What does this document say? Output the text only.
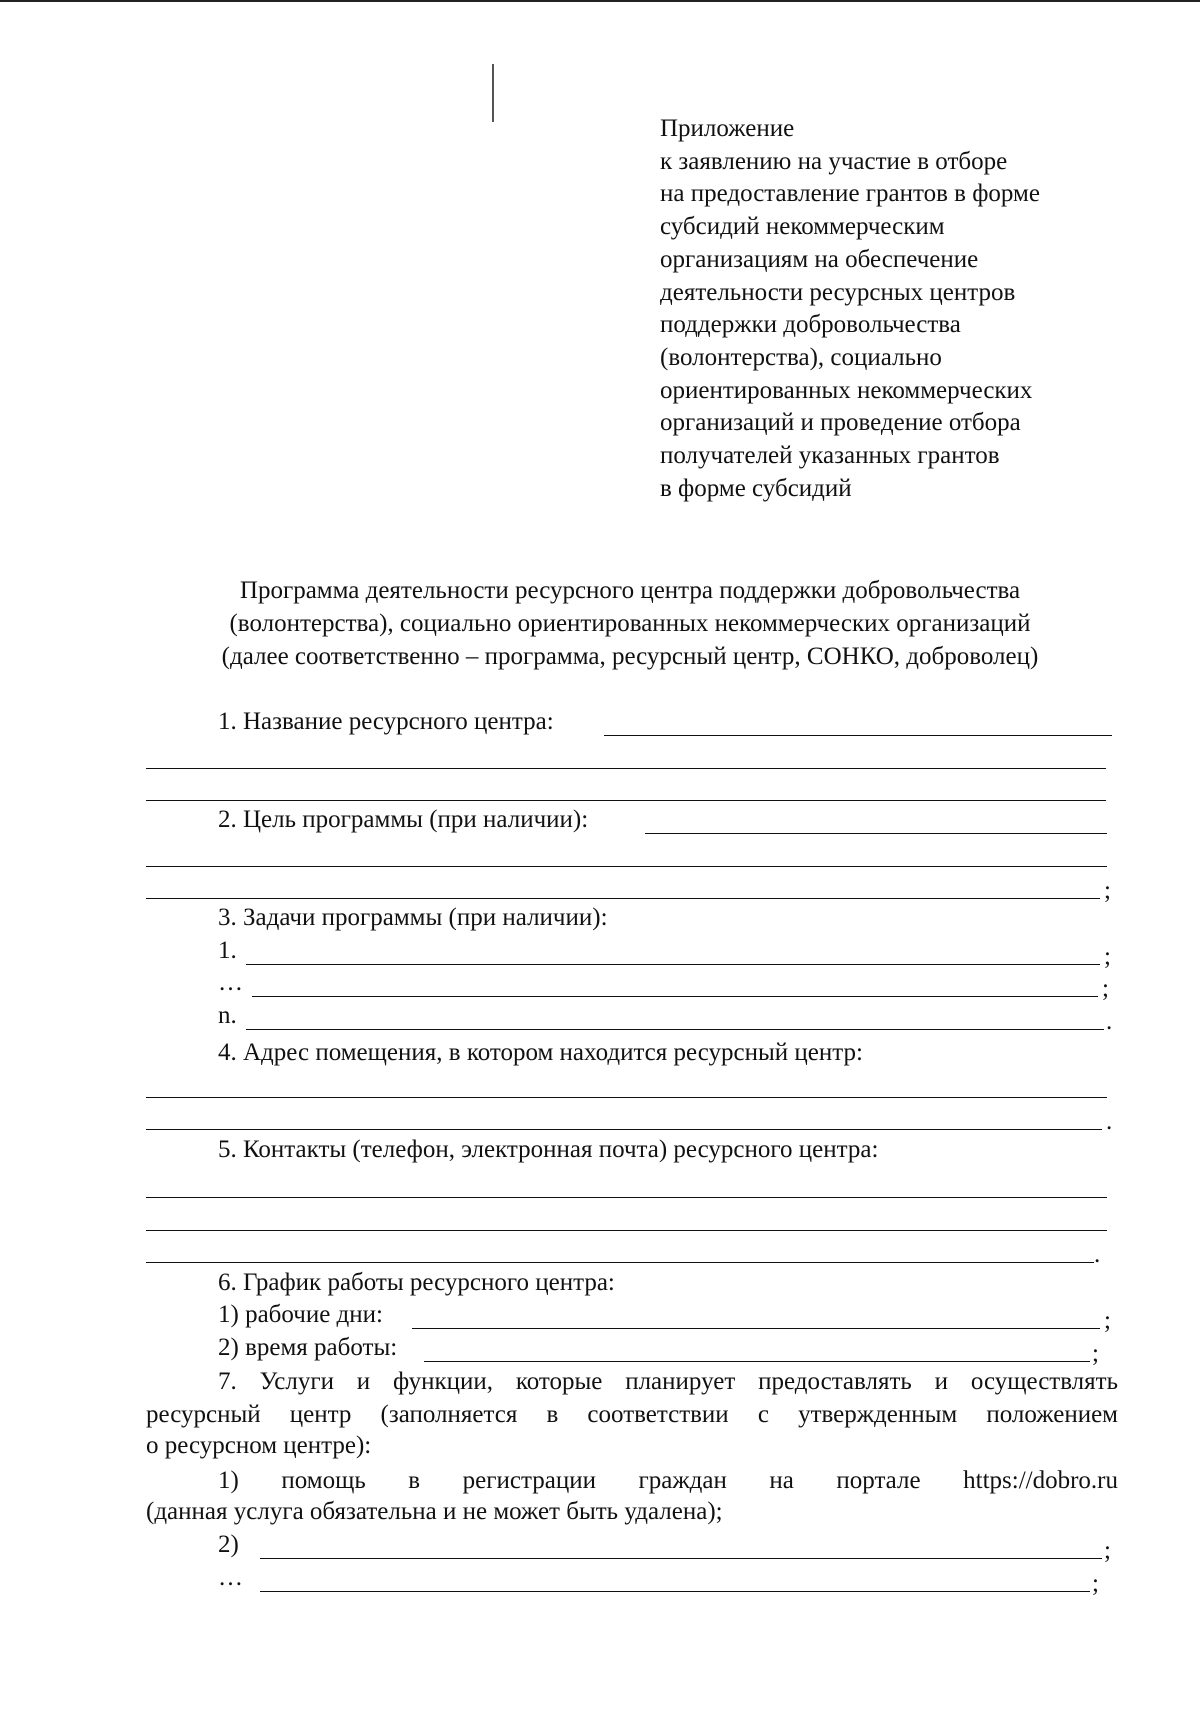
Приложение
к заявлению на участие в отборе
на предоставление грантов в форме
субсидий некоммерческим
организациям на обеспечение
деятельности ресурсных центров
поддержки добровольчества
(волонтерства), социально
ориентированных некоммерческих
организаций и проведение отбора
получателей указанных грантов
в форме субсидий
Программа деятельности ресурсного центра поддержки добровольчества
(волонтерства), социально ориентированных некоммерческих организаций
(далее соответственно – программа, ресурсный центр, СОНКО, доброволец)
1. Название ресурсного центра:
2. Цель программы (при наличии):
;
3. Задачи программы (при наличии):
1.	;
…	;
n.	.
4. Адрес помещения, в котором находится ресурсный центр:
.
5. Контакты (телефон, электронная почта) ресурсного центра:
.
6. График работы ресурсного центра:
1) рабочие дни:	;
2) время работы:	;
7. Услуги и функции, которые планирует предоставлять и осуществлять
ресурсный центр (заполняется в соответствии с утвержденным положением
о ресурсном центре):
1) помощь в регистрации граждан на портале https://dobro.ru
(данная услуга обязательна и не может быть удалена);
2)	;
…	;
